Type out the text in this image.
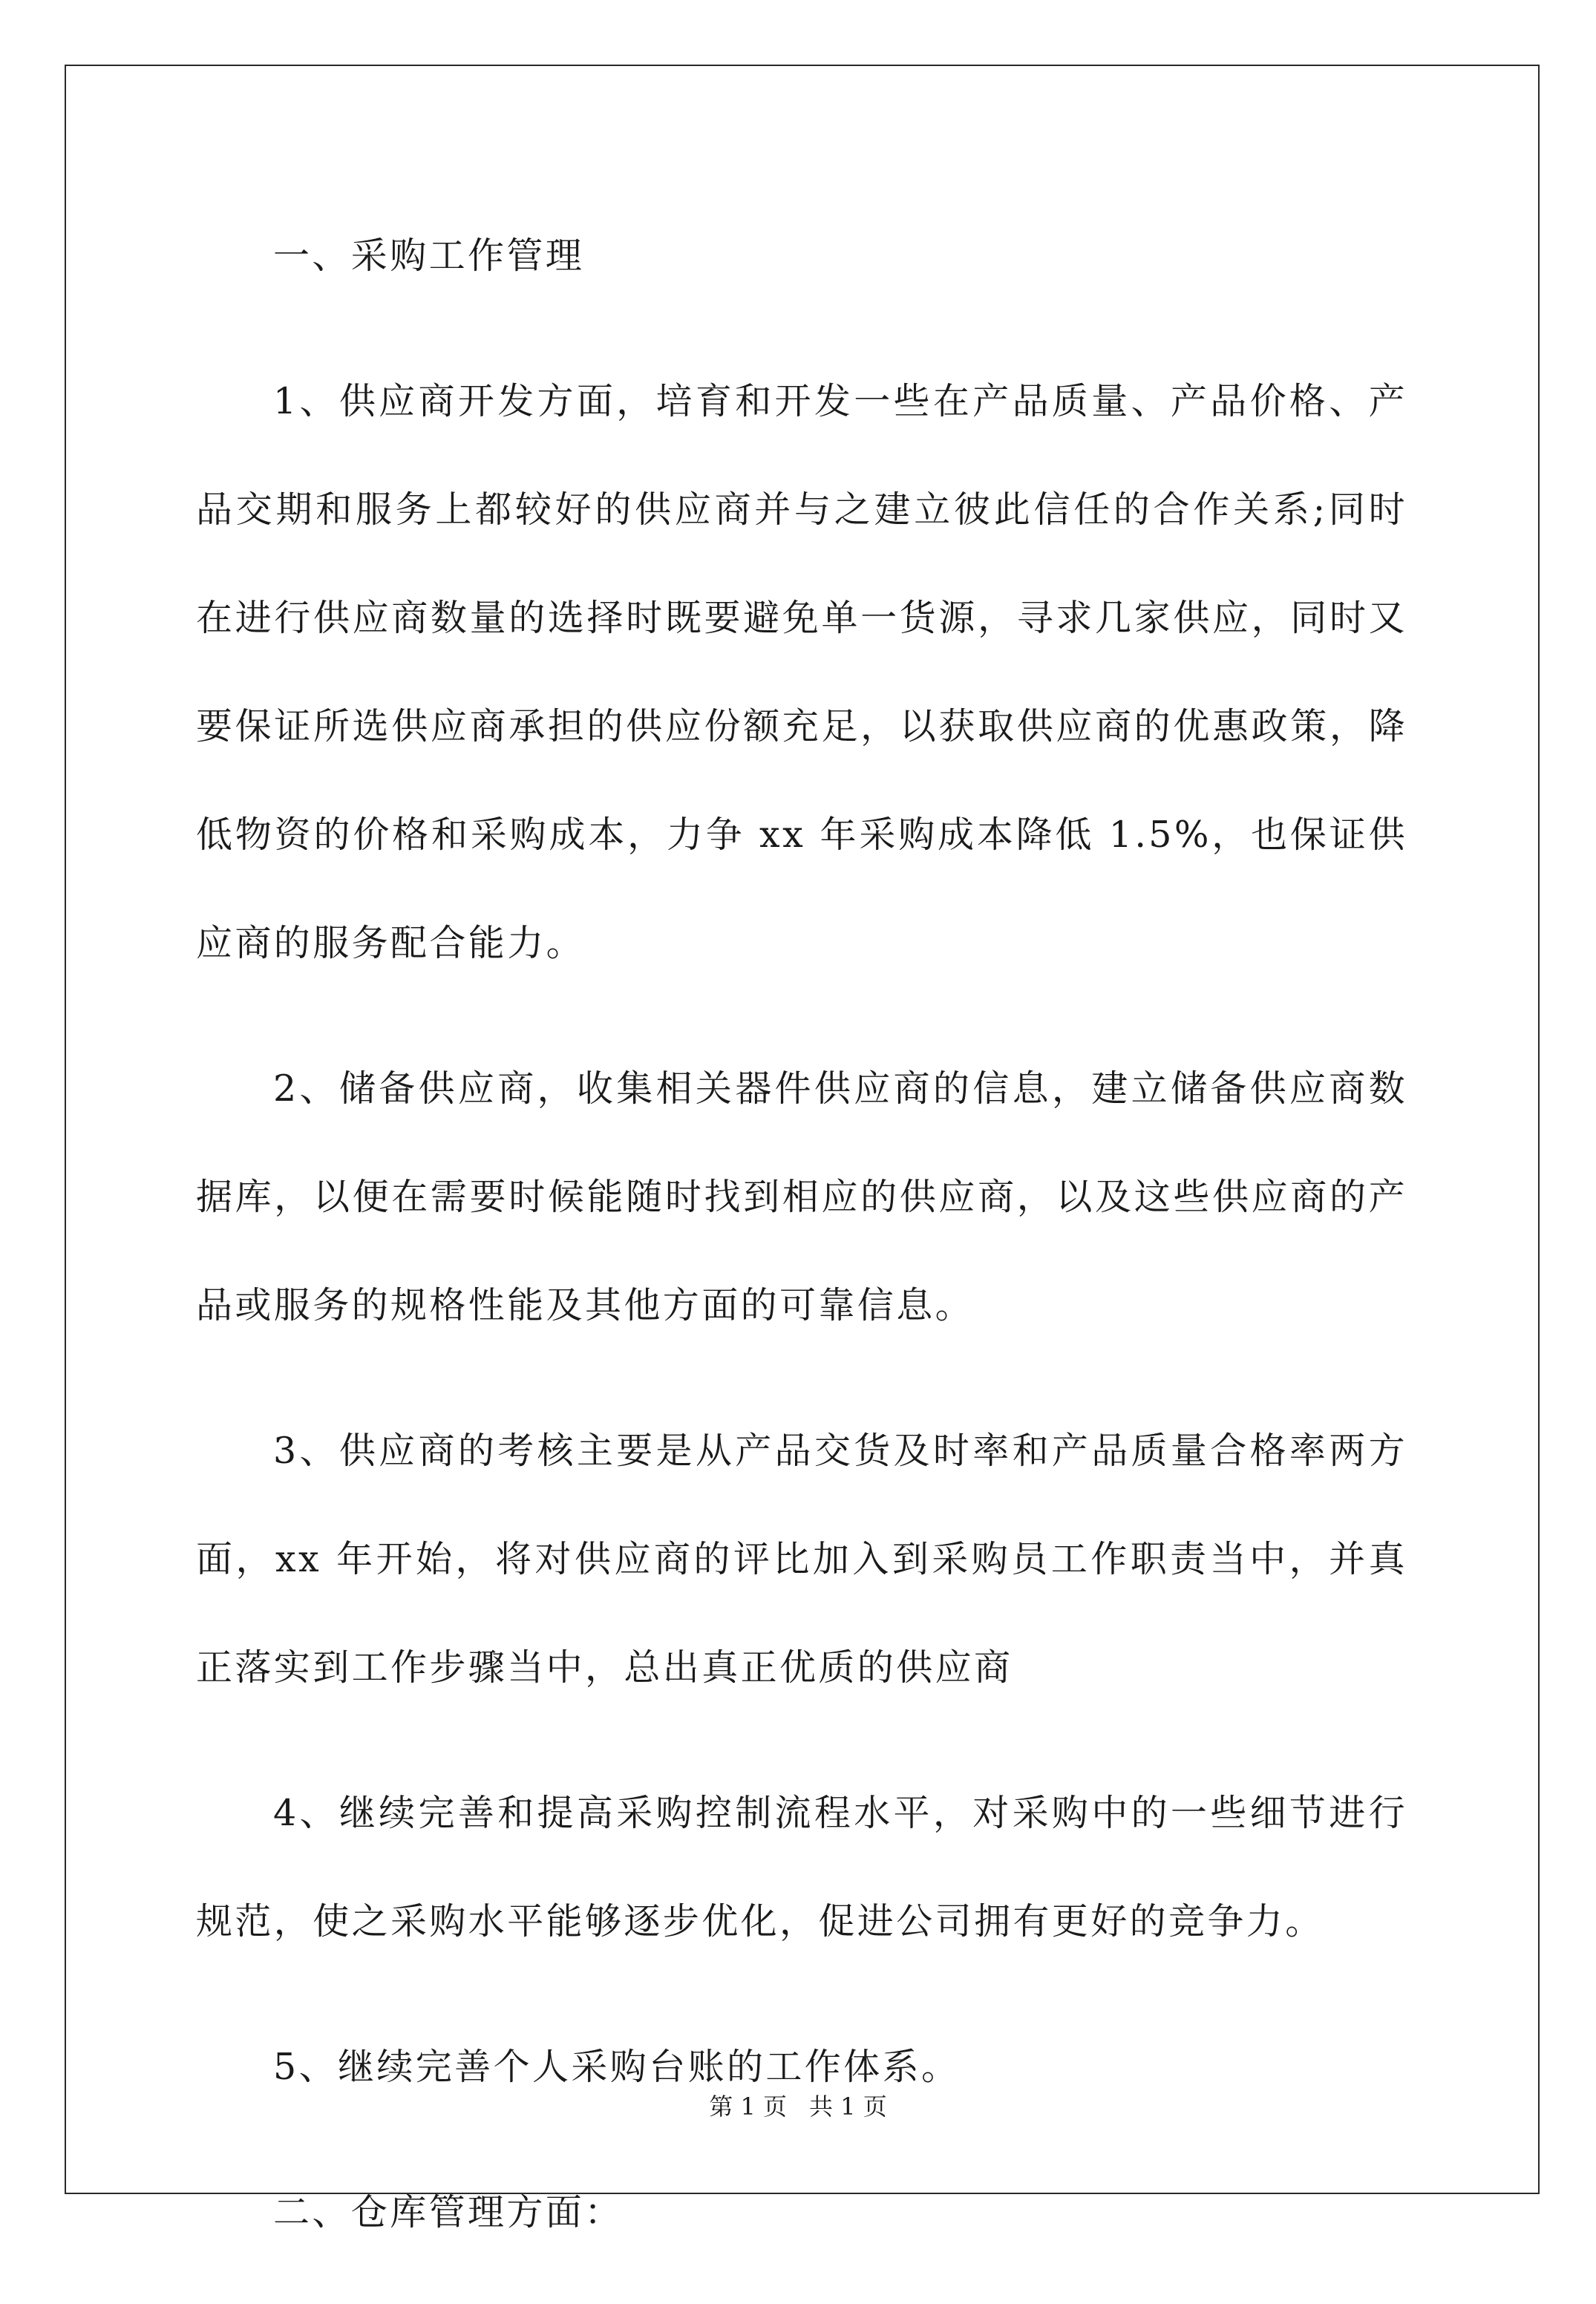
一、采购工作管理

1、供应商开发方面，培育和开发一些在产品质量、产品价格、产品交期和服务上都较好的供应商并与之建立彼此信任的合作关系;同时在进行供应商数量的选择时既要避免单一货源，寻求几家供应，同时又要保证所选供应商承担的供应份额充足，以获取供应商的优惠政策，降低物资的价格和采购成本，力争 xx 年采购成本降低 1.5%，也保证供应商的服务配合能力。

2、储备供应商，收集相关器件供应商的信息，建立储备供应商数据库，以便在需要时候能随时找到相应的供应商，以及这些供应商的产品或服务的规格性能及其他方面的可靠信息。

3、供应商的考核主要是从产品交货及时率和产品质量合格率两方面，xx 年开始，将对供应商的评比加入到采购员工作职责当中，并真正落实到工作步骤当中，总出真正优质的供应商

4、继续完善和提高采购控制流程水平，对采购中的一些细节进行规范，使之采购水平能够逐步优化，促进公司拥有更好的竞争力。

5、继续完善个人采购台账的工作体系。

二、仓库管理方面：

第 1 页 共 1 页
